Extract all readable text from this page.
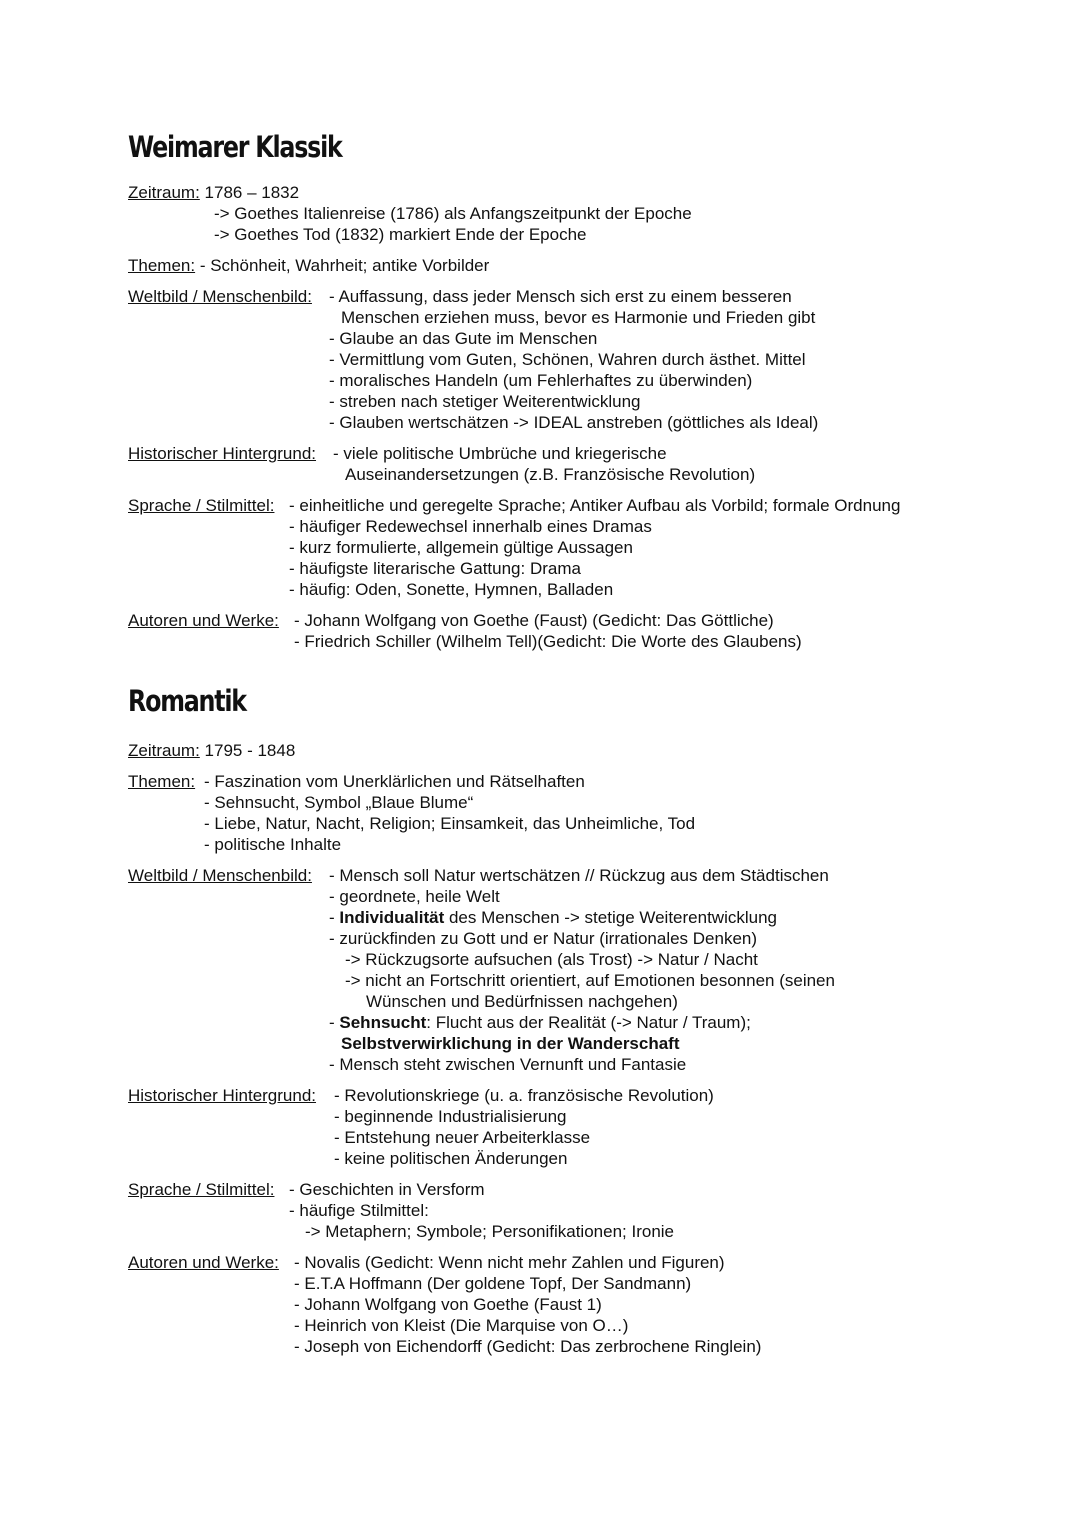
Weimarer Klassik
Zeitraum: 1786 – 1832
-> Goethes Italienreise (1786) als Anfangszeitpunkt der Epoche
-> Goethes Tod (1832) markiert Ende der Epoche
Themen: - Schönheit, Wahrheit; antike Vorbilder
Weltbild / Menschenbild: - Auffassung, dass jeder Mensch sich erst zu einem besseren
Menschen erziehen muss, bevor es Harmonie und Frieden gibt
- Glaube an das Gute im Menschen
- Vermittlung vom Guten, Schönen, Wahren durch ästhet. Mittel
- moralisches Handeln (um Fehlerhaftes zu überwinden)
- streben nach stetiger Weiterentwicklung
- Glauben wertschätzen -> IDEAL anstreben (göttliches als Ideal)
Historischer Hintergrund: - viele politische Umbrüche und kriegerische
Auseinandersetzungen (z.B. Französische Revolution)
Sprache / Stilmittel: - einheitliche und geregelte Sprache; Antiker Aufbau als Vorbild; formale Ordnung
- häufiger Redewechsel innerhalb eines Dramas
- kurz formulierte, allgemein gültige Aussagen
- häufigste literarische Gattung: Drama
- häufig: Oden, Sonette, Hymnen, Balladen
Autoren und Werke: - Johann Wolfgang von Goethe (Faust) (Gedicht: Das Göttliche)
- Friedrich Schiller (Wilhelm Tell)(Gedicht: Die Worte des Glaubens)
Romantik
Zeitraum: 1795 - 1848
Themen: - Faszination vom Unerklärlichen und Rätselhaften
- Sehnsucht, Symbol „Blaue Blume“
- Liebe, Natur, Nacht, Religion; Einsamkeit, das Unheimliche, Tod
- politische Inhalte
Weltbild / Menschenbild: - Mensch soll Natur wertschätzen // Rückzug aus dem Städtischen
- geordnete, heile Welt
- Individualität des Menschen -> stetige Weiterentwicklung
- zurückfinden zu Gott und er Natur (irrationales Denken)
-> Rückzugsorte aufsuchen (als Trost) -> Natur / Nacht
-> nicht an Fortschritt orientiert, auf Emotionen besonnen (seinen
Wünschen und Bedürfnissen nachgehen)
- Sehnsucht: Flucht aus der Realität (-> Natur / Traum);
Selbstverwirklichung in der Wanderschaft
- Mensch steht zwischen Vernunft und Fantasie
Historischer Hintergrund: - Revolutionskriege (u. a. französische Revolution)
- beginnende Industrialisierung
- Entstehung neuer Arbeiterklasse
- keine politischen Änderungen
Sprache / Stilmittel: - Geschichten in Versform
- häufige Stilmittel:
-> Metaphern; Symbole; Personifikationen; Ironie
Autoren und Werke: - Novalis (Gedicht: Wenn nicht mehr Zahlen und Figuren)
- E.T.A Hoffmann (Der goldene Topf, Der Sandmann)
- Johann Wolfgang von Goethe (Faust 1)
- Heinrich von Kleist (Die Marquise von O…)
- Joseph von Eichendorff (Gedicht: Das zerbrochene Ringlein)
